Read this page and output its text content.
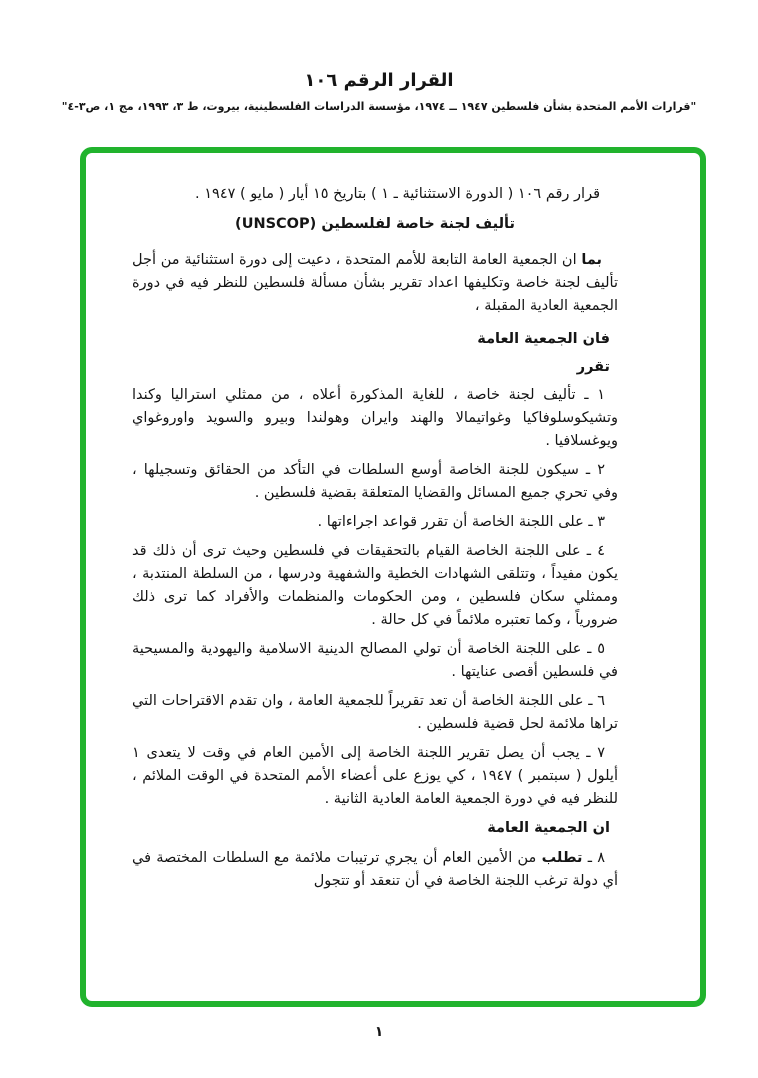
القرار الرقم ١٠٦
"قرارات الأمم المتحدة بشأن فلسطين ١٩٤٧ ــ ١٩٧٤، مؤسسة الدراسات الفلسطينية، بيروت، ط ٣، ١٩٩٣، مج ١، ص٣-٤"

قرار رقم ١٠٦ ( الدورة الاستثنائية ـ ١ ) بتاريخ ١٥ أيار ( مايو ) ١٩٤٧ .

تأليف لجنة خاصة لفلسطين (UNSCOP)

بما ان الجمعية العامة التابعة للأمم المتحدة ، دعيت إلى دورة استثنائية من أجل تأليف لجنة خاصة وتكليفها اعداد تقرير بشأن مسألة فلسطين للنظر فيه في دورة الجمعية العادية المقبلة ،

فان الجمعية العامة

تقرر

١ ـ تأليف لجنة خاصة ، للغاية المذكورة أعلاه ، من ممثلي استراليا وكندا وتشيكوسلوفاكيا وغواتيمالا والهند وايران وهولندا وبيرو والسويد واوروغواي ويوغسلافيا .

٢ ـ سيكون للجنة الخاصة أوسع السلطات في التأكد من الحقائق وتسجيلها ، وفي تحري جميع المسائل والقضايا المتعلقة بقضية فلسطين .

٣ ـ على اللجنة الخاصة أن تقرر قواعد اجراءاتها .

٤ ـ على اللجنة الخاصة القيام بالتحقيقات في فلسطين وحيث ترى أن ذلك قد يكون مفيداً ، وتتلقى الشهادات الخطية والشفهية ودرسها ، من السلطة المنتدبة ، وممثلي سكان فلسطين ، ومن الحكومات والمنظمات والأفراد كما ترى ذلك ضرورياً ، وكما تعتبره ملائماً في كل حالة .

٥ ـ على اللجنة الخاصة أن تولي المصالح الدينية الاسلامية واليهودية والمسيحية في فلسطين أقصى عنايتها .

٦ ـ على اللجنة الخاصة أن تعد تقريراً للجمعية العامة ، وان تقدم الاقتراحات التي تراها ملائمة لحل قضية فلسطين .

٧ ـ يجب أن يصل تقرير اللجنة الخاصة إلى الأمين العام في وقت لا يتعدى ١ أيلول ( سبتمبر ) ١٩٤٧ ، كي يوزع على أعضاء الأمم المتحدة في الوقت الملائم ، للنظر فيه في دورة الجمعية العامة العادية الثانية .

ان الجمعية العامة

٨ ـ تطلب من الأمين العام أن يجري ترتيبات ملائمة مع السلطات المختصة في أي دولة ترغب اللجنة الخاصة في أن تنعقد أو تتجول

١
